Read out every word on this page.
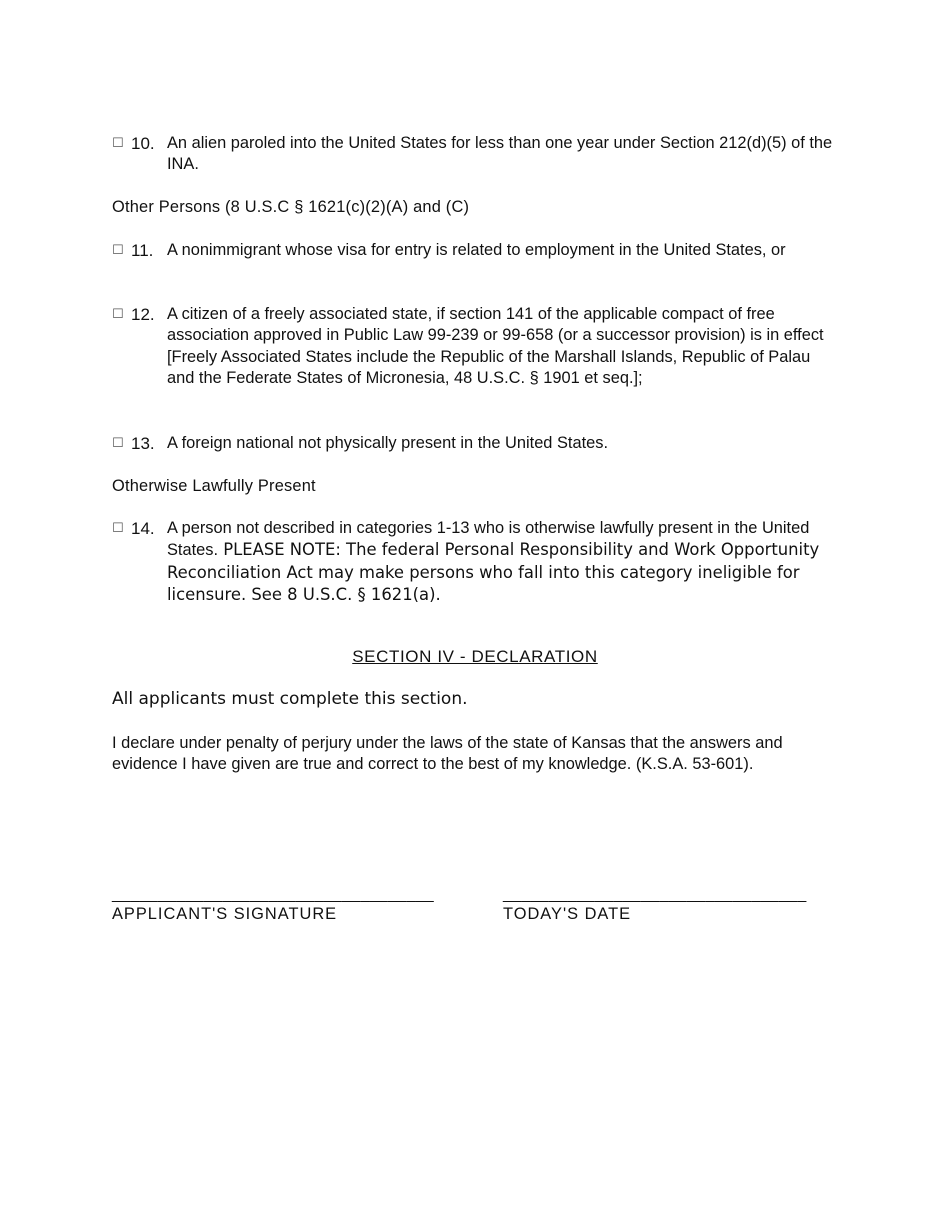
☐ 10. An alien paroled into the United States for less than one year under Section 212(d)(5) of the INA.
Other Persons (8 U.S.C § 1621(c)(2)(A) and (C)
☐ 11. A nonimmigrant whose visa for entry is related to employment in the United States, or
☐ 12. A citizen of a freely associated state, if section 141 of the applicable compact of free association approved in Public Law 99-239 or 99-658 (or a successor provision) is in effect [Freely Associated States include the Republic of the Marshall Islands, Republic of Palau and the Federate States of Micronesia, 48 U.S.C. § 1901 et seq.];
☐ 13. A foreign national not physically present in the United States.
Otherwise Lawfully Present
☐ 14. A person not described in categories 1-13 who is otherwise lawfully present in the United States. PLEASE NOTE: The federal Personal Responsibility and Work Opportunity Reconciliation Act may make persons who fall into this category ineligible for licensure. See 8 U.S.C. § 1621(a).
SECTION IV - DECLARATION
All applicants must complete this section.
I declare under penalty of perjury under the laws of the state of Kansas that the answers and evidence I have given are true and correct to the best of my knowledge. (K.S.A. 53-601).
___________________________________	_________________________________
APPLICANT'S SIGNATURE	TODAY'S DATE
